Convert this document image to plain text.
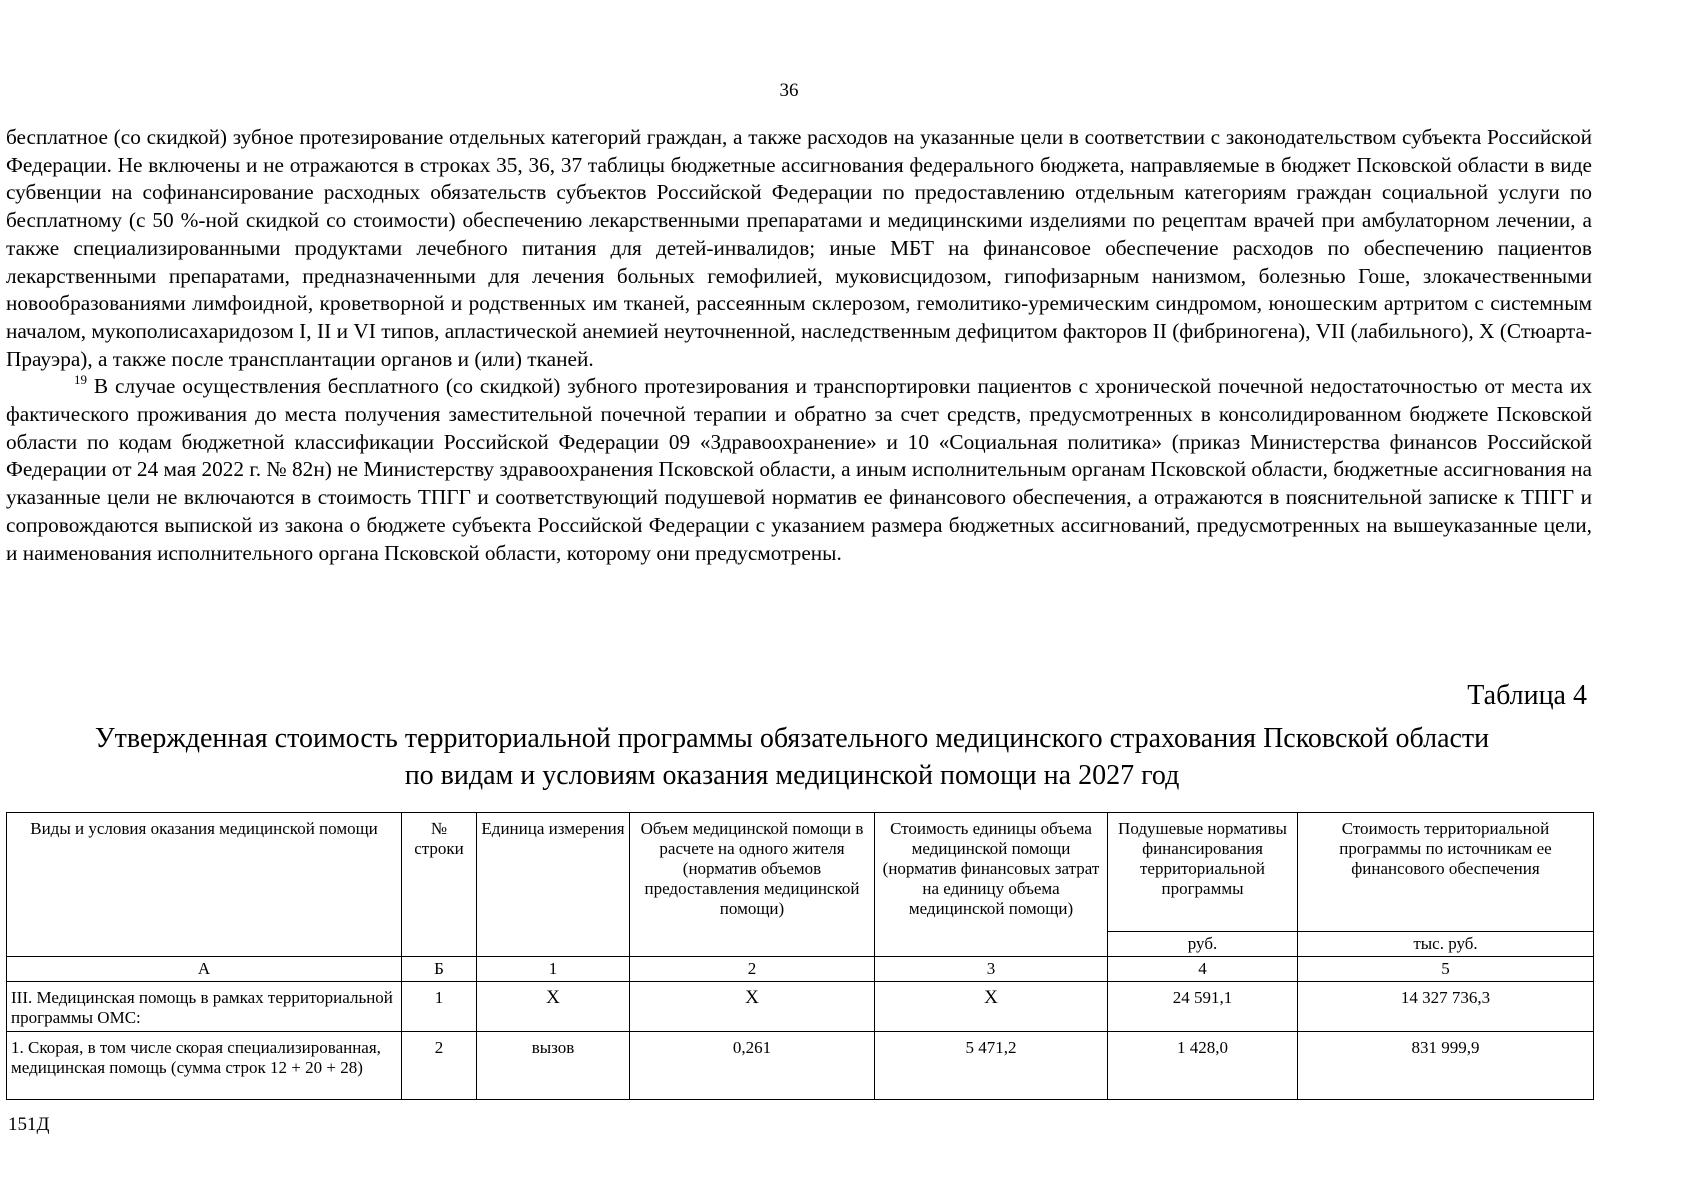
36

бесплатное (со скидкой) зубное протезирование отдельных категорий граждан, а также расходов на указанные цели в соответствии с законодательством субъекта Российской Федерации. Не включены и не отражаются в строках 35, 36, 37 таблицы бюджетные ассигнования федерального бюджета, направляемые в бюджет Псковской области в виде субвенции на софинансирование расходных обязательств субъектов Российской Федерации по предоставлению отдельным категориям граждан социальной услуги по бесплатному (с 50 %-ной скидкой со стоимости) обеспечению лекарственными препаратами и медицинскими изделиями по рецептам врачей при амбулаторном лечении, а также специализированными продуктами лечебного питания для детей-инвалидов; иные МБТ на финансовое обеспечение расходов по обеспечению пациентов лекарственными препаратами, предназначенными для лечения больных гемофилией, муковисцидозом, гипофизарным нанизмом, болезнью Гоше, злокачественными новообразованиями лимфоидной, кроветворной и родственных им тканей, рассеянным склерозом, гемолитико-уремическим синдромом, юношеским артритом с системным началом, мукополисахаридозом I, II и VI типов, апластической анемией неуточненной, наследственным дефицитом факторов II (фибриногена), VII (лабильного), X (Стюарта-Прауэра), а также после трансплантации органов и (или) тканей.

$^{19}$ В случае осуществления бесплатного (со скидкой) зубного протезирования и транспортировки пациентов с хронической почечной недостаточностью от места их фактического проживания до места получения заместительной почечной терапии и обратно за счет средств, предусмотренных в консолидированном бюджете Псковской области по кодам бюджетной классификации Российской Федерации 09 «Здравоохранение» и 10 «Социальная политика» (приказ Министерства финансов Российской Федерации от 24 мая 2022 г. № 82н) не Министерству здравоохранения Псковской области, а иным исполнительным органам Псковской области, бюджетные ассигнования на указанные цели не включаются в стоимость ТПГГ и соответствующий подушевой норматив ее финансового обеспечения, а отражаются в пояснительной записке к ТПГГ и сопровождаются выпиской из закона о бюджете субъекта Российской Федерации с указанием размера бюджетных ассигнований, предусмотренных на вышеуказанные цели, и наименования исполнительного органа Псковской области, которому они предусмотрены.

Таблица 4
Утвержденная стоимость территориальной программы обязательного медицинского страхования Псковской области
по видам и условиям оказания медицинской помощи на 2027 год
Виды и условия оказания медицинской помощи	№ строки	Единица измерения	Объем медицинской помощи в расчете на одного жителя (норматив объемов предоставления медицинской помощи)	Стоимость единицы объема медицинской помощи (норматив финансовых затрат на единицу объема медицинской помощи)	Подушевые нормативы финансирования территориальной программы	Стоимость территориальной программы по источникам ее финансового обеспечения
					руб.	тыс. руб.
А	Б	1	2	3	4	5
III. Медицинская помощь в рамках территориальной программы ОМС:	1	Х	Х	Х	24 591,1	14 327 736,3
1. Скорая, в том числе скорая специализированная, медицинская помощь (сумма строк 12 + 20 + 28)	2	вызов	0,261	5 471,2	1 428,0	831 999,9
151Д
